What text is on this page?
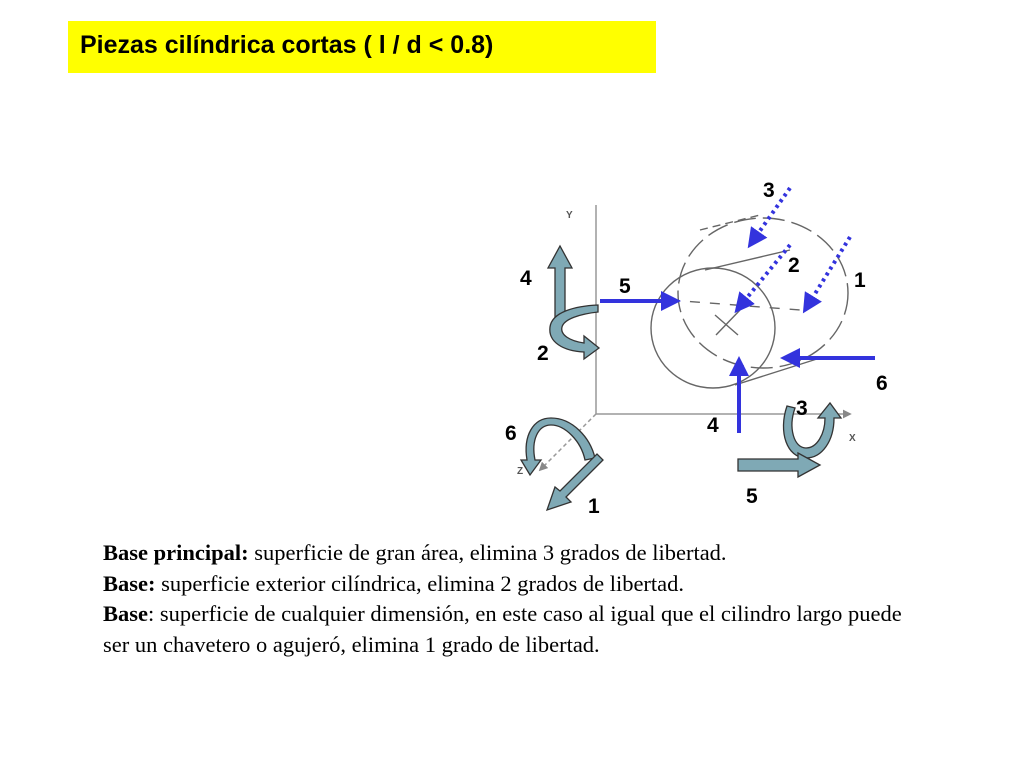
Piezas cilíndrica cortas ( l / d < 0.8)
Y
X
Z
4	5
2
6
1
3
2
1
6
4
3
5

Base principal: superficie de gran área, elimina 3 grados de libertad.

Base: superficie exterior cilíndrica, elimina 2 grados de libertad.

Base: superficie de cualquier dimensión, en este caso al igual que el cilindro largo puede ser un chavetero o agujeró, elimina 1 grado de libertad.
